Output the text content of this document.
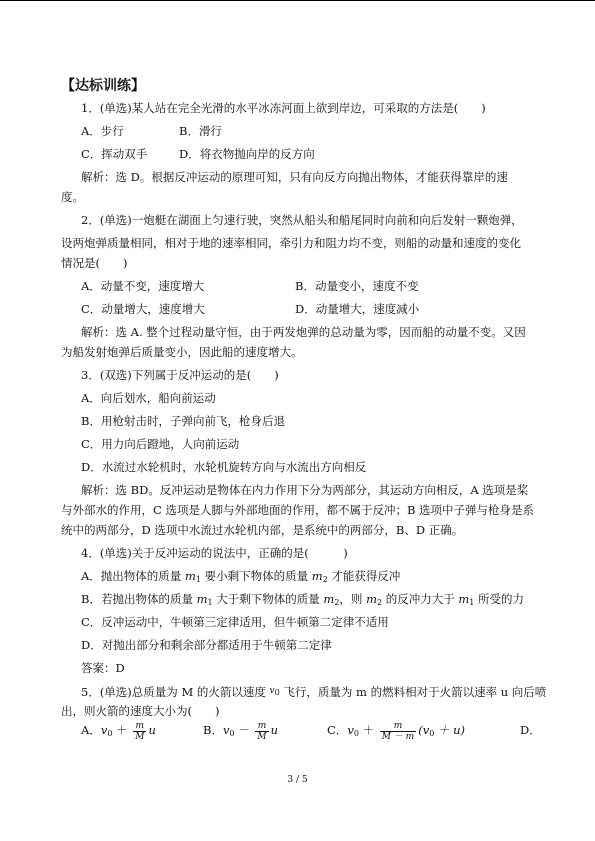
【达标训练】
1．(单选)某人站在完全光滑的水平冰冻河面上欲到岸边，可采取的方法是(　　)
A．步行	B．滑行
C．挥动双手	D．将衣物抛向岸的反方向
解析：选 D。根据反冲运动的原理可知，只有向反方向抛出物体，才能获得靠岸的速
度。
2．(单选)一炮艇在湖面上匀速行驶，突然从船头和船尾同时向前和向后发射一颗炮弹，
设两炮弹质量相同，相对于地的速率相同，牵引力和阻力均不变，则船的动量和速度的变化
情况是(　　)
A．动量不变，速度增大	B．动量变小，速度不变
C．动量增大，速度增大	D．动量增大，速度减小
解析：选 A. 整个过程动量守恒，由于两发炮弹的总动量为零，因而船的动量不变。又因
为船发射炮弹后质量变小，因此船的速度增大。
3．(双选)下列属于反冲运动的是(　　)
A．向后划水，船向前运动
B．用枪射击时，子弹向前飞，枪身后退
C．用力向后蹬地，人向前运动
D．水流过水轮机时，水轮机旋转方向与水流出方向相反
解析：选 BD。反冲运动是物体在内力作用下分为两部分，其运动方向相反，A 选项是桨
与外部水的作用，C 选项是人脚与外部地面的作用，都不属于反冲；B 选项中子弹与枪身是系
统中的两部分，D 选项中水流过水轮机内部，是系统中的两部分，B、D 正确。
4．(单选)关于反冲运动的说法中，正确的是(　　　)
A．抛出物体的质量 $m_1$ 要小剩下物体的质量 $m_2$ 才能获得反冲
B．若抛出物体的质量 $m_1$ 大于剩下物体的质量 $m_2$，则 $m_2$ 的反冲力大于 $m_1$ 所受的力
C．反冲运动中，牛顿第三定律适用，但牛顿第二定律不适用
D．对抛出部分和剩余部分都适用于牛顿第二定律
答案：D
5．(单选)总质量为 M 的火箭以速度 $^{v0}$ 飞行，质量为 m 的燃料相对于火箭以速率 u 向后喷
出，则火箭的速度大小为(　　)
A．$v_0 + \frac{m}{M}$ u	B．$v_0 - \frac{m}{M}$ u	C．$v_0 + \frac{m}{M - m} (v_0 + u)$	D．
3 / 5
